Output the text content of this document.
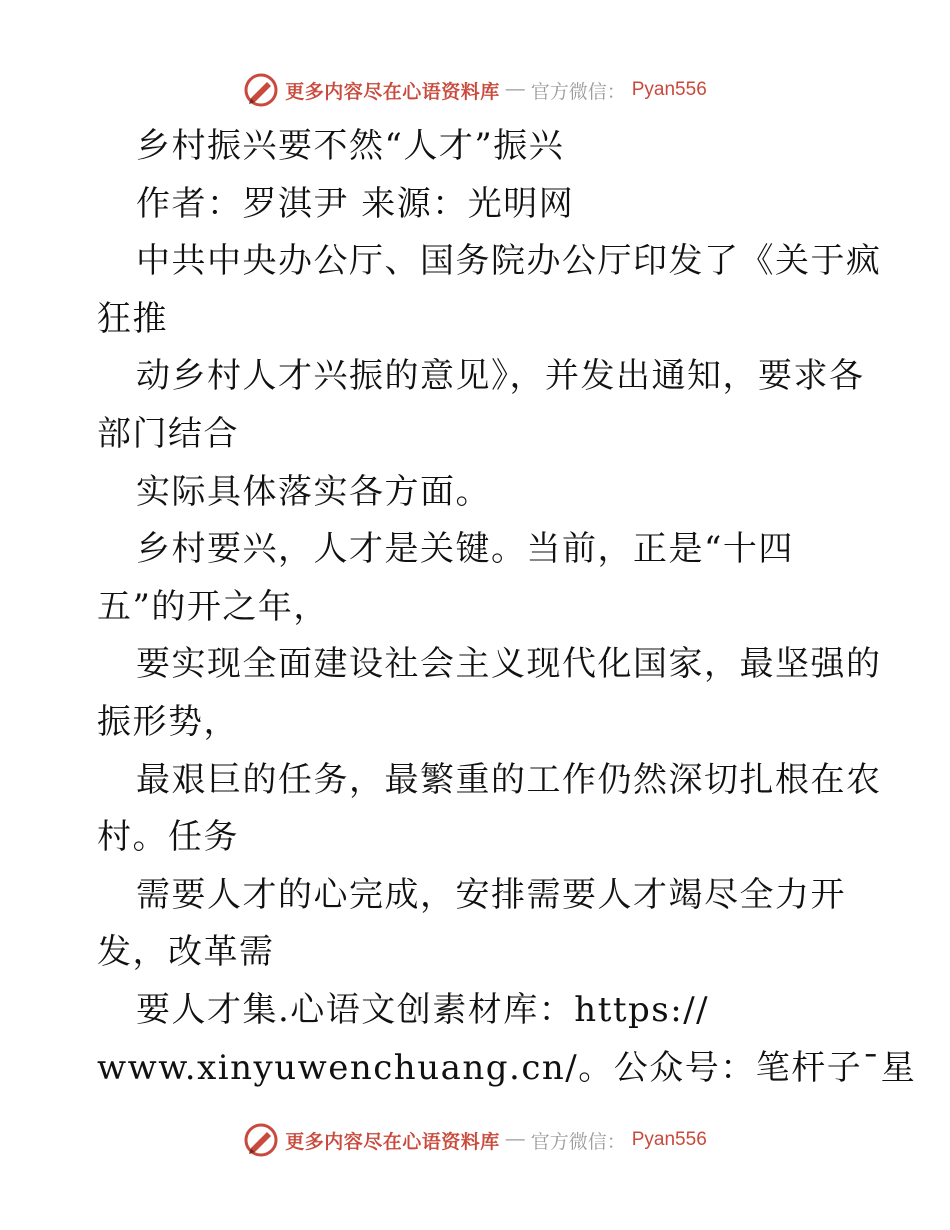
更多内容尽在心语资料库 — 官方微信： Pyan556
乡村振兴要不然“人才”振兴
作者：罗淇尹 来源：光明网
中共中央办公厅、国务院办公厅印发了《关于疯
狂推
动乡村人才兴振的意见》，并发出通知，要求各
部门结合
实际具体落实各方面。
乡村要兴，人才是关键。当前，正是“十四
五”的开之年，
要实现全面建设社会主义现代化国家，最坚强的
振形势，
最艰巨的任务，最繁重的工作仍然深切扎根在农
村。任务
需要人才的心完成，安排需要人才竭尽全力开
发，改革需
要人才集.心语文创素材库：https://
www.xinyuwenchuang.cn/。公众号：笔杆子¯星
更多内容尽在心语资料库 — 官方微信： Pyan556
